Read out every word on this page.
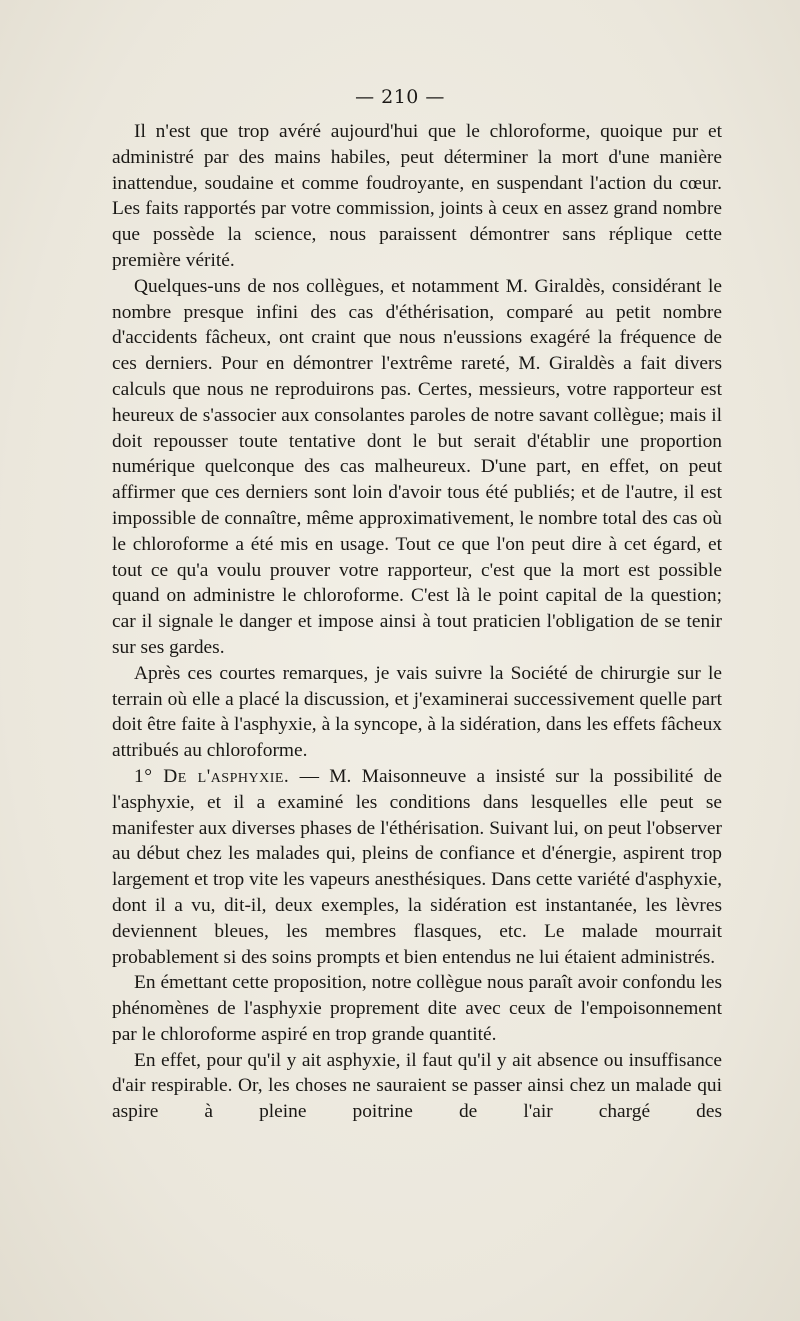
— 210 —

Il n'est que trop avéré aujourd'hui que le chloroforme, quoique pur et administré par des mains habiles, peut déterminer la mort d'une manière inattendue, soudaine et comme foudroyante, en suspendant l'action du cœur. Les faits rapportés par votre commission, joints à ceux en assez grand nombre que possède la science, nous paraissent démontrer sans réplique cette première vérité.

Quelques-uns de nos collègues, et notamment M. Giraldès, considérant le nombre presque infini des cas d'éthérisation, comparé au petit nombre d'accidents fâcheux, ont craint que nous n'eussions exagéré la fréquence de ces derniers. Pour en démontrer l'extrême rareté, M. Giraldès a fait divers calculs que nous ne reproduirons pas. Certes, messieurs, votre rapporteur est heureux de s'associer aux consolantes paroles de notre savant collègue; mais il doit repousser toute tentative dont le but serait d'établir une proportion numérique quelconque des cas malheureux. D'une part, en effet, on peut affirmer que ces derniers sont loin d'avoir tous été publiés; et de l'autre, il est impossible de connaître, même approximativement, le nombre total des cas où le chloroforme a été mis en usage. Tout ce que l'on peut dire à cet égard, et tout ce qu'a voulu prouver votre rapporteur, c'est que la mort est possible quand on administre le chloroforme. C'est là le point capital de la question; car il signale le danger et impose ainsi à tout praticien l'obligation de se tenir sur ses gardes.

Après ces courtes remarques, je vais suivre la Société de chirurgie sur le terrain où elle a placé la discussion, et j'examinerai successivement quelle part doit être faite à l'asphyxie, à la syncope, à la sidération, dans les effets fâcheux attribués au chloroforme.

1° De l'asphyxie. — M. Maisonneuve a insisté sur la possibilité de l'asphyxie, et il a examiné les conditions dans lesquelles elle peut se manifester aux diverses phases de l'éthérisation. Suivant lui, on peut l'observer au début chez les malades qui, pleins de confiance et d'énergie, aspirent trop largement et trop vite les vapeurs anesthésiques. Dans cette variété d'asphyxie, dont il a vu, dit-il, deux exemples, la sidération est instantanée, les lèvres deviennent bleues, les membres flasques, etc. Le malade mourrait probablement si des soins prompts et bien entendus ne lui étaient administrés.

En émettant cette proposition, notre collègue nous paraît avoir confondu les phénomènes de l'asphyxie proprement dite avec ceux de l'empoisonnement par le chloroforme aspiré en trop grande quantité.

En effet, pour qu'il y ait asphyxie, il faut qu'il y ait absence ou insuffisance d'air respirable. Or, les choses ne sauraient se passer ainsi chez un malade qui aspire à pleine poitrine de l'air chargé des
